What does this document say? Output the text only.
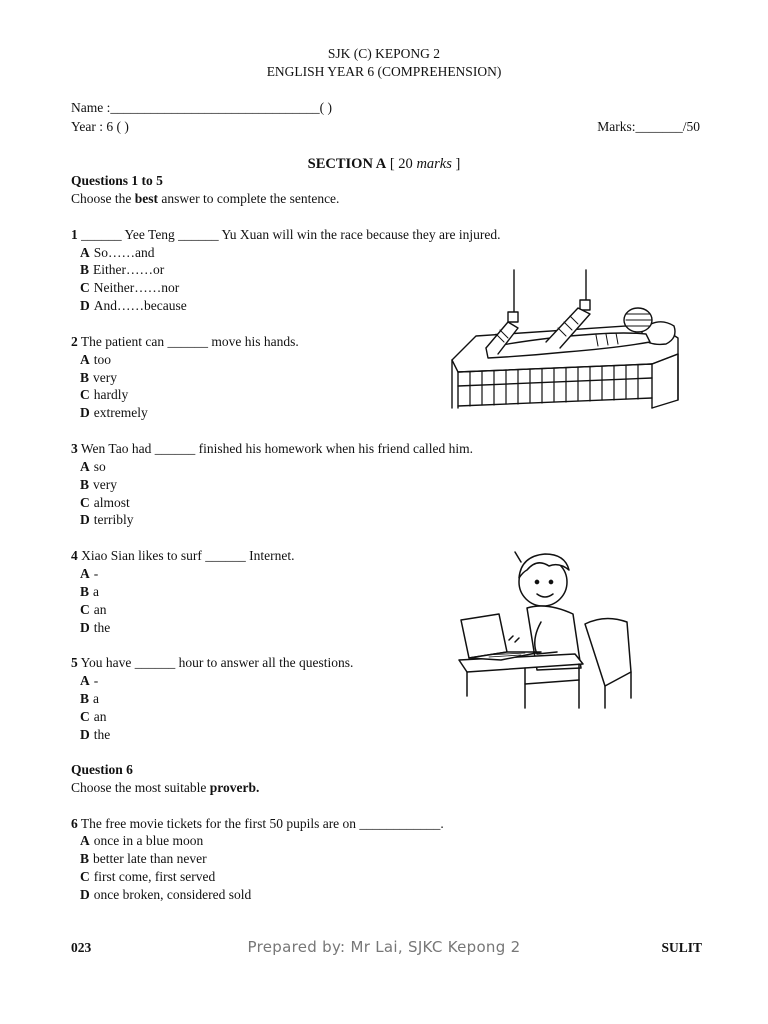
SJK (C) KEPONG 2
ENGLISH YEAR 6 (COMPREHENSION)
Name :_______________________________( )
Year : 6 ( )	Marks:_______/50
SECTION A [ 20 marks ]
Questions 1 to 5
Choose the best answer to complete the sentence.
1 ______ Yee Teng ______ Yu Xuan will win the race because they are injured.
A So……and
B Either……or
C Neither……nor
D And……because
2 The patient can ______ move his hands.
A too
B very
C hardly
D extremely
3 Wen Tao had ______ finished his homework when his friend called him.
A so
B very
C almost
D terribly
4 Xiao Sian likes to surf ______ Internet.
A -
B a
C an
D the
5 You have ______ hour to answer all the questions.
A -
B a
C an
D the
Question 6
Choose the most suitable proverb.
6 The free movie tickets for the first 50 pupils are on ____________.
A once in a blue moon
B better late than never
C first come, first served
D once broken, considered sold
023	Prepared by: Mr Lai, SJKC Kepong 2	SULIT
